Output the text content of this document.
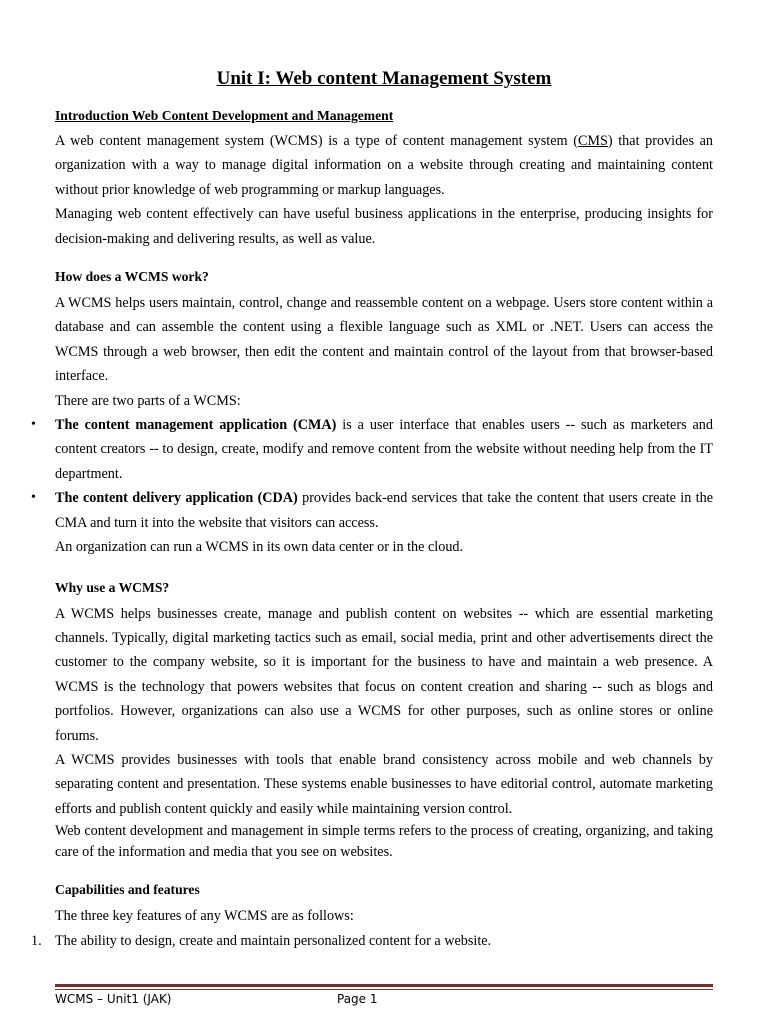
Unit I: Web content Management System
Introduction Web Content Development and Management

A web content management system (WCMS) is a type of content management system (CMS) that provides an organization with a way to manage digital information on a website through creating and maintaining content without prior knowledge of web programming or markup languages.

Managing web content effectively can have useful business applications in the enterprise, producing insights for decision-making and delivering results, as well as value.

How does a WCMS work?

A WCMS helps users maintain, control, change and reassemble content on a webpage. Users store content within a database and can assemble the content using a flexible language such as XML or .NET. Users can access the WCMS through a web browser, then edit the content and maintain control of the layout from that browser-based interface.

There are two parts of a WCMS:

• The content management application (CMA) is a user interface that enables users -- such as marketers and content creators -- to design, create, modify and remove content from the website without needing help from the IT department.

• The content delivery application (CDA) provides back-end services that take the content that users create in the CMA and turn it into the website that visitors can access.

An organization can run a WCMS in its own data center or in the cloud.

Why use a WCMS?

A WCMS helps businesses create, manage and publish content on websites -- which are essential marketing channels. Typically, digital marketing tactics such as email, social media, print and other advertisements direct the customer to the company website, so it is important for the business to have and maintain a web presence. A WCMS is the technology that powers websites that focus on content creation and sharing -- such as blogs and portfolios. However, organizations can also use a WCMS for other purposes, such as online stores or online forums.

A WCMS provides businesses with tools that enable brand consistency across mobile and web channels by separating content and presentation. These systems enable businesses to have editorial control, automate marketing efforts and publish content quickly and easily while maintaining version control.

Web content development and management in simple terms refers to the process of creating, organizing, and taking care of the information and media that you see on websites.

Capabilities and features

The three key features of any WCMS are as follows:

1. The ability to design, create and maintain personalized content for a website.

WCMS – Unit1 (JAK)	Page 1
